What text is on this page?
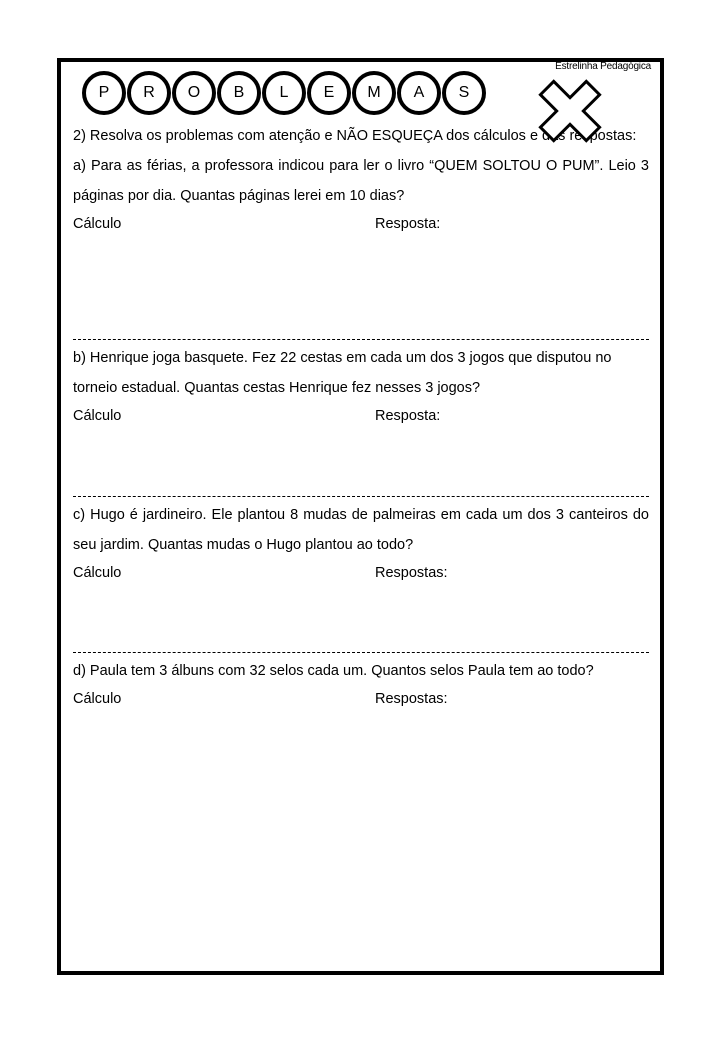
P	R	O	B	L	E	M	A	S
Estrelinha Pedagógica
2) Resolva os problemas com atenção e NÃO ESQUEÇA dos cálculos e das respostas:
a) Para as férias, a professora indicou para ler o livro “QUEM SOLTOU O PUM”. Leio 3 páginas por dia. Quantas páginas lerei em 10 dias?
Cálculo	Resposta:
b) Henrique joga basquete. Fez 22 cestas em cada um dos 3 jogos que disputou no torneio estadual. Quantas cestas Henrique fez nesses 3 jogos?
Cálculo	Resposta:
c) Hugo é jardineiro. Ele plantou 8 mudas de palmeiras em cada um dos 3 canteiros do seu jardim. Quantas mudas o Hugo plantou ao todo?
Cálculo	Respostas:
d) Paula tem 3 álbuns com 32 selos cada um. Quantos selos Paula tem ao todo?
Cálculo	Respostas:
